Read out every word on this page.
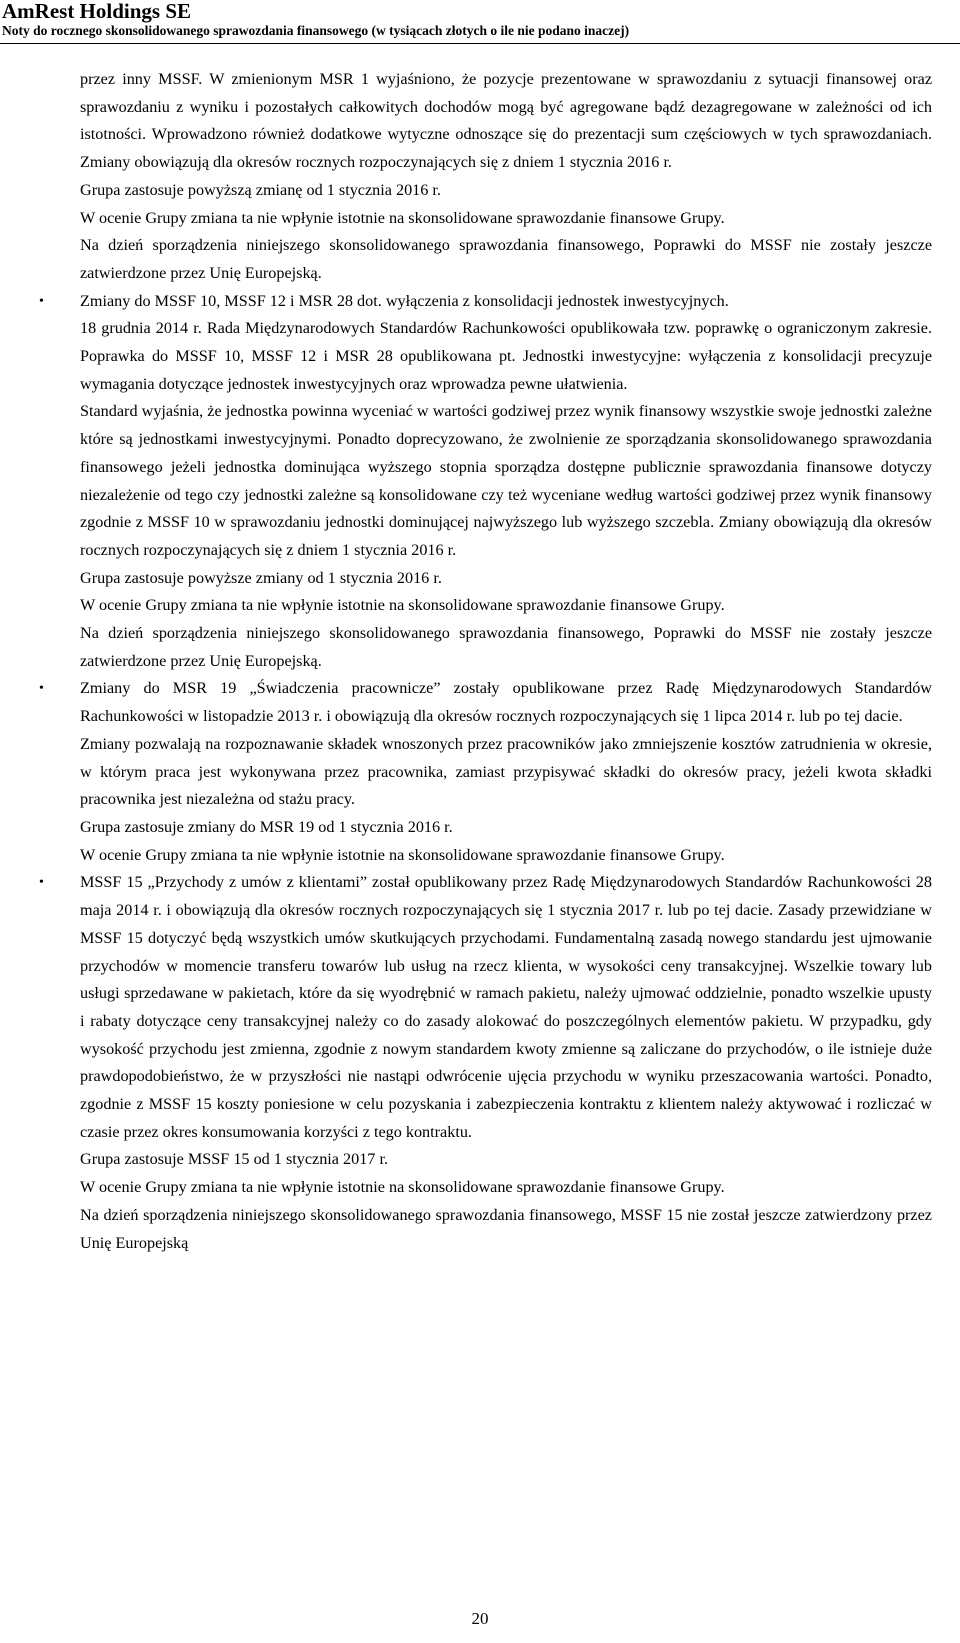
AmRest Holdings SE

Noty do rocznego skonsolidowanego sprawozdania finansowego (w tysiącach złotych o ile nie podano inaczej)

przez inny MSSF. W zmienionym MSR 1 wyjaśniono, że pozycje prezentowane w sprawozdaniu z sytuacji finansowej oraz sprawozdaniu z wyniku i pozostałych całkowitych dochodów mogą być agregowane bądź dezagregowane w zależności od ich istotności. Wprowadzono również dodatkowe wytyczne odnoszące się do prezentacji sum częściowych w tych sprawozdaniach. Zmiany obowiązują dla okresów rocznych rozpoczynających się z dniem 1 stycznia 2016 r.

Grupa zastosuje powyższą zmianę od 1 stycznia 2016 r.

W ocenie Grupy zmiana ta nie wpłynie istotnie na skonsolidowane sprawozdanie finansowe Grupy.

Na dzień sporządzenia niniejszego skonsolidowanego sprawozdania finansowego, Poprawki do MSSF nie zostały jeszcze zatwierdzone przez Unię Europejską.

• Zmiany do MSSF 10, MSSF 12 i MSR 28 dot. wyłączenia z konsolidacji jednostek inwestycyjnych.

18 grudnia 2014 r. Rada Międzynarodowych Standardów Rachunkowości opublikowała tzw. poprawkę o ograniczonym zakresie. Poprawka do MSSF 10, MSSF 12 i MSR 28 opublikowana pt. Jednostki inwestycyjne: wyłączenia z konsolidacji precyzuje wymagania dotyczące jednostek inwestycyjnych oraz wprowadza pewne ułatwienia.

Standard wyjaśnia, że jednostka powinna wyceniać w wartości godziwej przez wynik finansowy wszystkie swoje jednostki zależne które są jednostkami inwestycyjnymi. Ponadto doprecyzowano, że zwolnienie ze sporządzania skonsolidowanego sprawozdania finansowego jeżeli jednostka dominująca wyższego stopnia sporządza dostępne publicznie sprawozdania finansowe dotyczy niezależenie od tego czy jednostki zależne są konsolidowane czy też wyceniane według wartości godziwej przez wynik finansowy zgodnie z MSSF 10 w sprawozdaniu jednostki dominującej najwyższego lub wyższego szczebla. Zmiany obowiązują dla okresów rocznych rozpoczynających się z dniem 1 stycznia 2016 r.

Grupa zastosuje powyższe zmiany od 1 stycznia 2016 r.

W ocenie Grupy zmiana ta nie wpłynie istotnie na skonsolidowane sprawozdanie finansowe Grupy.

Na dzień sporządzenia niniejszego skonsolidowanego sprawozdania finansowego, Poprawki do MSSF nie zostały jeszcze zatwierdzone przez Unię Europejską.

• Zmiany do MSR 19 „Świadczenia pracownicze” zostały opublikowane przez Radę Międzynarodowych Standardów Rachunkowości w listopadzie 2013 r. i obowiązują dla okresów rocznych rozpoczynających się 1 lipca 2014 r. lub po tej dacie.

Zmiany pozwalają na rozpoznawanie składek wnoszonych przez pracowników jako zmniejszenie kosztów zatrudnienia w okresie, w którym praca jest wykonywana przez pracownika, zamiast przypisywać składki do okresów pracy, jeżeli kwota składki pracownika jest niezależna od stażu pracy.

Grupa zastosuje zmiany do MSR 19 od 1 stycznia 2016 r.

W ocenie Grupy zmiana ta nie wpłynie istotnie na skonsolidowane sprawozdanie finansowe Grupy.

• MSSF 15 „Przychody z umów z klientami” został opublikowany przez Radę Międzynarodowych Standardów Rachunkowości 28 maja 2014 r. i obowiązują dla okresów rocznych rozpoczynających się 1 stycznia 2017 r. lub po tej dacie. Zasady przewidziane w MSSF 15 dotyczyć będą wszystkich umów skutkujących przychodami. Fundamentalną zasadą nowego standardu jest ujmowanie przychodów w momencie transferu towarów lub usług na rzecz klienta, w wysokości ceny transakcyjnej. Wszelkie towary lub usługi sprzedawane w pakietach, które da się wyodrębnić w ramach pakietu, należy ujmować oddzielnie, ponadto wszelkie upusty i rabaty dotyczące ceny transakcyjnej należy co do zasady alokować do poszczególnych elementów pakietu. W przypadku, gdy wysokość przychodu jest zmienna, zgodnie z nowym standardem kwoty zmienne są zaliczane do przychodów, o ile istnieje duże prawdopodobieństwo, że w przyszłości nie nastąpi odwrócenie ujęcia przychodu w wyniku przeszacowania wartości. Ponadto, zgodnie z MSSF 15 koszty poniesione w celu pozyskania i zabezpieczenia kontraktu z klientem należy aktywować i rozliczać w czasie przez okres konsumowania korzyści z tego kontraktu.

Grupa zastosuje MSSF 15 od 1 stycznia 2017 r.

W ocenie Grupy zmiana ta nie wpłynie istotnie na skonsolidowane sprawozdanie finansowe Grupy.

Na dzień sporządzenia niniejszego skonsolidowanego sprawozdania finansowego, MSSF 15 nie został jeszcze zatwierdzony przez Unię Europejską

20
